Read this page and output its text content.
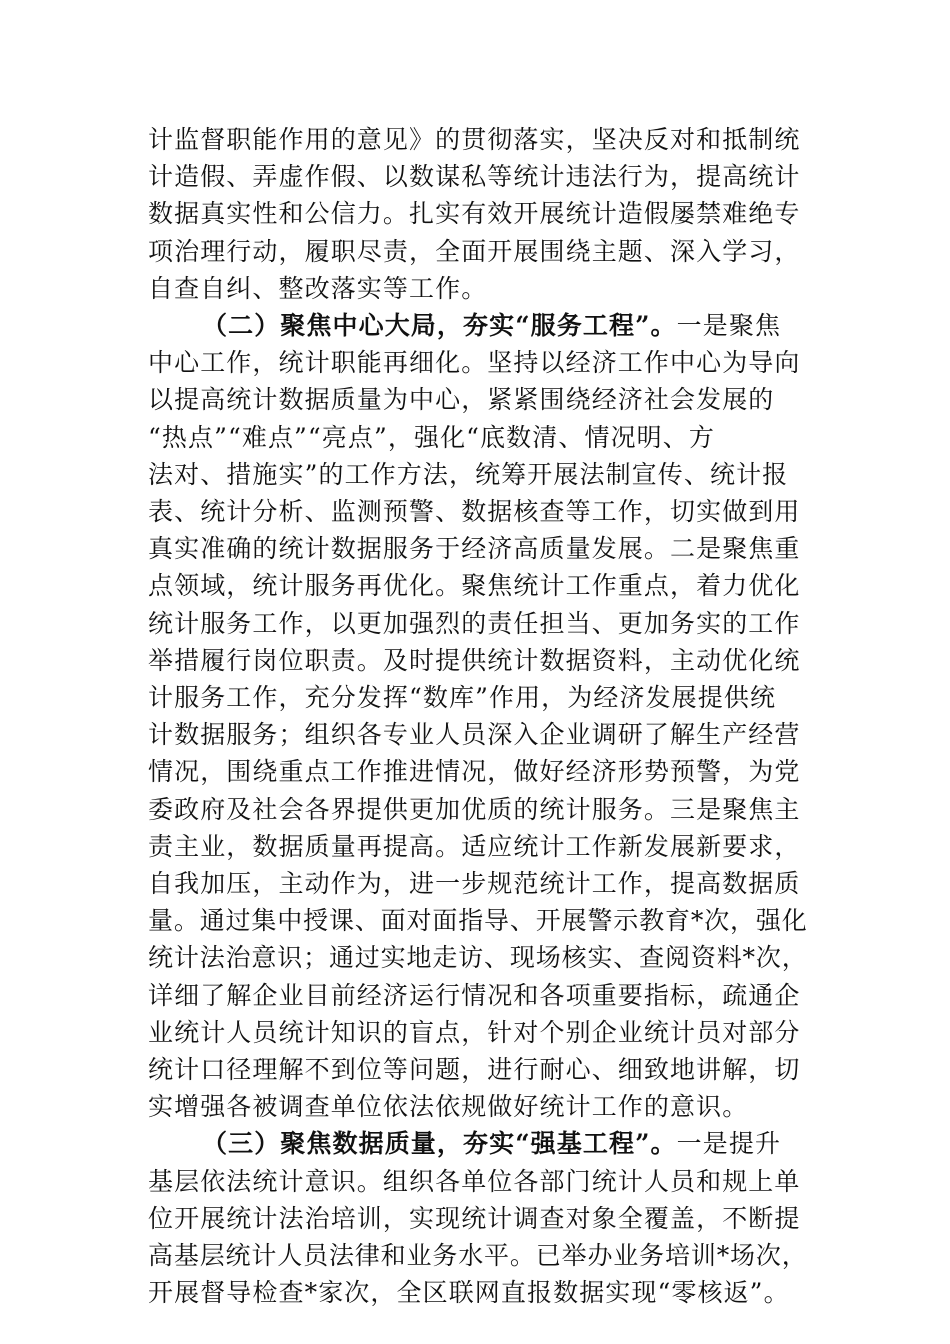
计监督职能作用的意见》的贯彻落实，坚决反对和抵制统
计造假、弄虚作假、以数谋私等统计违法行为，提高统计
数据真实性和公信力。扎实有效开展统计造假屡禁难绝专
项治理行动，履职尽责，全面开展围绕主题、深入学习，
自查自纠、整改落实等工作。
（二）聚焦中心大局，夯实“服务工程”。一是聚焦
中心工作，统计职能再细化。坚持以经济工作中心为导向
以提高统计数据质量为中心，紧紧围绕经济社会发展的
“热点”“难点”“亮点”，强化“底数清、情况明、方
法对、措施实”的工作方法，统筹开展法制宣传、统计报
表、统计分析、监测预警、数据核查等工作，切实做到用
真实准确的统计数据服务于经济高质量发展。二是聚焦重
点领域，统计服务再优化。聚焦统计工作重点，着力优化
统计服务工作，以更加强烈的责任担当、更加务实的工作
举措履行岗位职责。及时提供统计数据资料，主动优化统
计服务工作，充分发挥“数库”作用，为经济发展提供统
计数据服务；组织各专业人员深入企业调研了解生产经营
情况，围绕重点工作推进情况，做好经济形势预警，为党
委政府及社会各界提供更加优质的统计服务。三是聚焦主
责主业，数据质量再提高。适应统计工作新发展新要求，
自我加压，主动作为，进一步规范统计工作，提高数据质
量。通过集中授课、面对面指导、开展警示教育*次，强化
统计法治意识；通过实地走访、现场核实、查阅资料*次，
详细了解企业目前经济运行情况和各项重要指标，疏通企
业统计人员统计知识的盲点，针对个别企业统计员对部分
统计口径理解不到位等问题，进行耐心、细致地讲解，切
实增强各被调查单位依法依规做好统计工作的意识。
（三）聚焦数据质量，夯实“强基工程”。一是提升
基层依法统计意识。组织各单位各部门统计人员和规上单
位开展统计法治培训，实现统计调查对象全覆盖，不断提
高基层统计人员法律和业务水平。已举办业务培训*场次，
开展督导检查*家次，全区联网直报数据实现“零核返”。
